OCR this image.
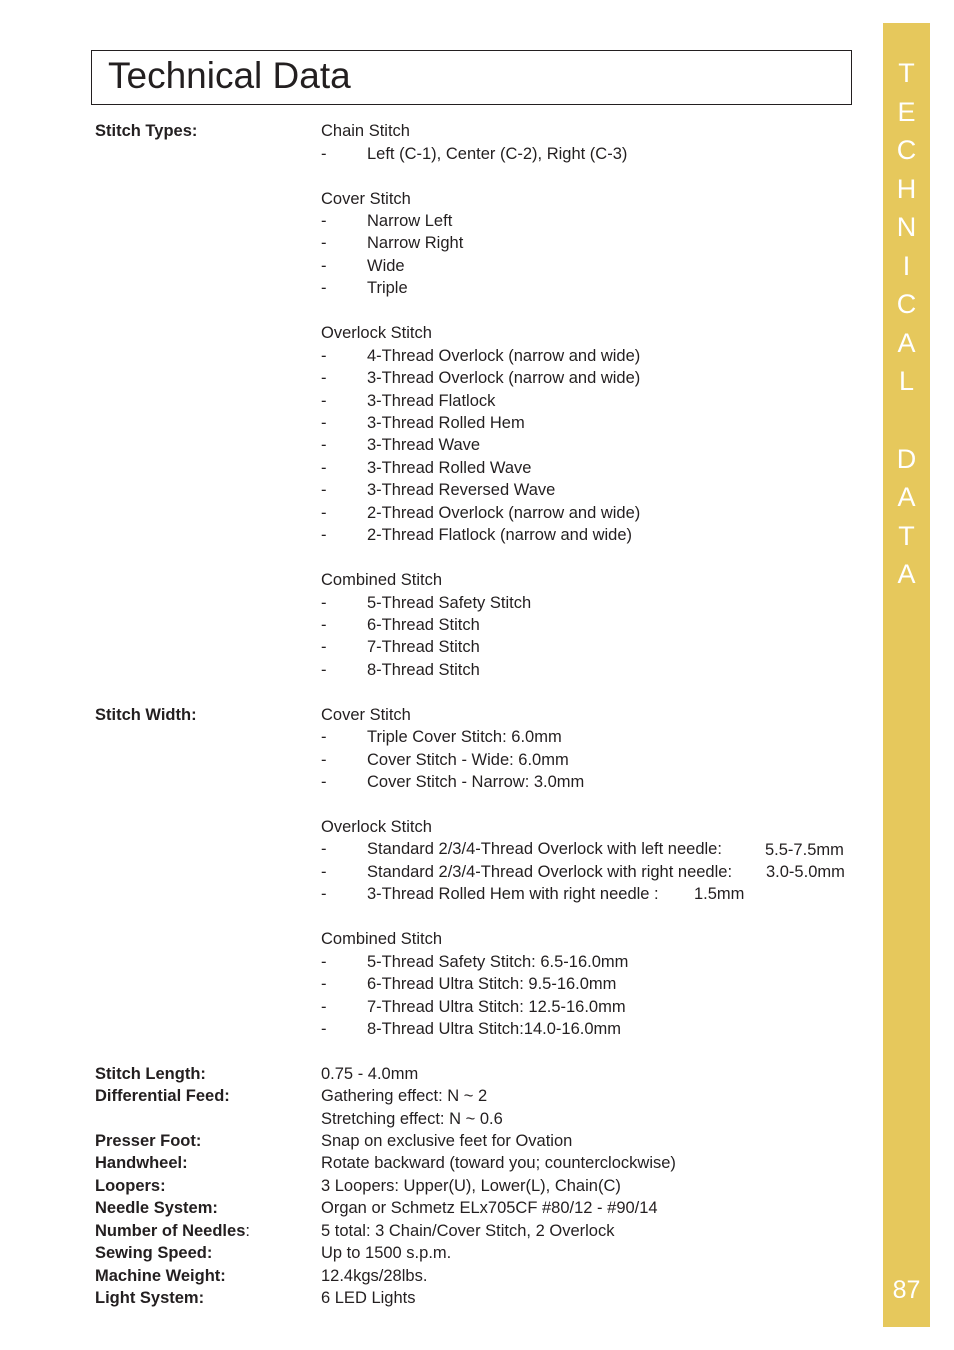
Technical Data	T
E
C
H
N
I
C
A
L
D
A
T
A
87
Stitch Types:	Chain Stitch
- Left (C-1), Center (C-2), Right (C-3)
Cover Stitch
- Narrow Left
- Narrow Right
- Wide
- Triple
Overlock Stitch
- 4-Thread Overlock (narrow and wide)
- 3-Thread Overlock (narrow and wide)
- 3-Thread Flatlock
- 3-Thread Rolled Hem
- 3-Thread Wave
- 3-Thread Rolled Wave
- 3-Thread Reversed Wave
- 2-Thread Overlock (narrow and wide)
- 2-Thread Flatlock (narrow and wide)
Combined Stitch
- 5-Thread Safety Stitch
- 6-Thread Stitch
- 7-Thread Stitch
- 8-Thread Stitch
Stitch Width:	Cover Stitch
- Triple Cover Stitch: 6.0mm
- Cover Stitch - Wide: 6.0mm
- Cover Stitch - Narrow: 3.0mm
Overlock Stitch
- Standard 2/3/4-Thread Overlock with left needle:	5.5-7.5mm
- Standard 2/3/4-Thread Overlock with right needle: 3.0-5.0mm
- 3-Thread Rolled Hem with right needle : 1.5mm
Combined Stitch
- 5-Thread Safety Stitch: 6.5-16.0mm
- 6-Thread Ultra Stitch: 9.5-16.0mm
- 7-Thread Ultra Stitch: 12.5-16.0mm
- 8-Thread Ultra Stitch:14.0-16.0mm
Stitch Length:	0.75 - 4.0mm
Differential Feed:	Gathering effect: N ~ 2
Stretching effect: N ~ 0.6
Presser Foot:	Snap on exclusive feet for Ovation
Handwheel:	Rotate backward (toward you; counterclockwise)
Loopers:	3 Loopers: Upper(U), Lower(L), Chain(C)
Needle System:	Organ or Schmetz ELx705CF #80/12 - #90/14
Number of Needles:	5 total: 3 Chain/Cover Stitch, 2 Overlock
Sewing Speed:	Up to 1500 s.p.m.
Machine Weight:	12.4kgs/28lbs.
Light System:	6 LED Lights
